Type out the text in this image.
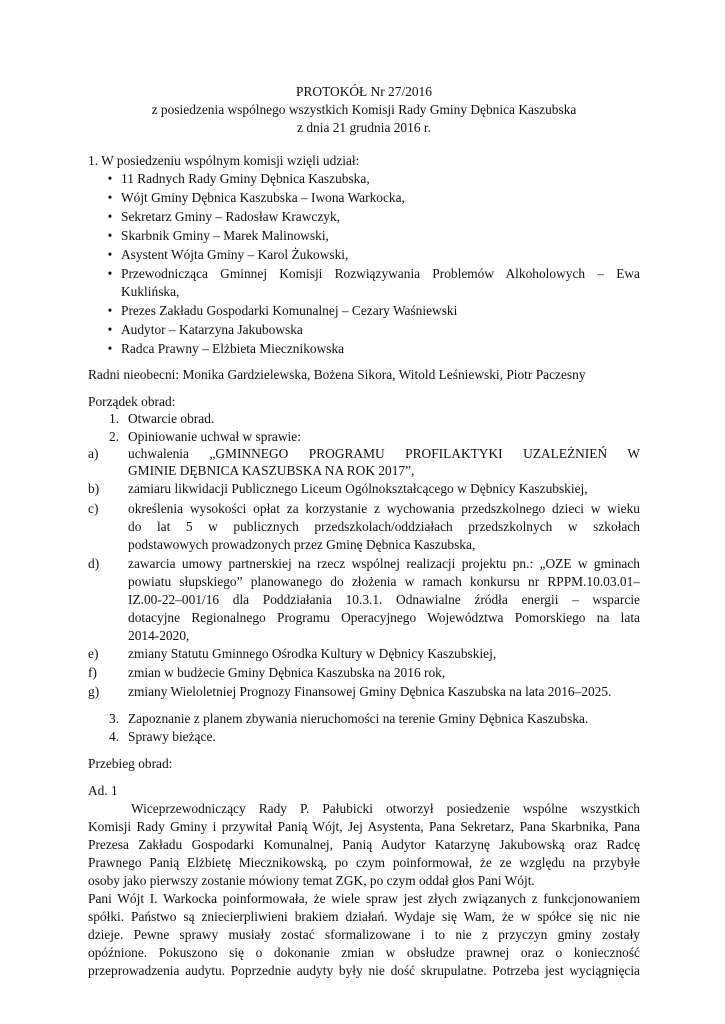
PROTOKÓŁ Nr 27/2016
z posiedzenia wspólnego wszystkich Komisji Rady Gminy Dębnica Kaszubska
z dnia 21 grudnia 2016 r.
1. W posiedzeniu wspólnym komisji wzięli udział:
• 11 Radnych Rady Gminy Dębnica Kaszubska,
• Wójt Gminy Dębnica Kaszubska – Iwona Warkocka,
• Sekretarz Gminy – Radosław Krawczyk,
• Skarbnik Gminy – Marek Malinowski,
• Asystent Wójta Gminy – Karol Żukowski,
• Przewodnicząca Gminnej Komisji Rozwiązywania Problemów Alkoholowych – Ewa
Kuklińska,
• Prezes Zakładu Gospodarki Komunalnej – Cezary Waśniewski
• Audytor – Katarzyna Jakubowska
• Radca Prawny – Elżbieta Miecznikowska
Radni nieobecni: Monika Gardzielewska, Bożena Sikora, Witold Leśniewski, Piotr Paczesny
Porządek obrad:
1. Otwarcie obrad.
2. Opiniowanie uchwał w sprawie:
a) uchwalenia „GMINNEGO PROGRAMU PROFILAKTYKI UZALEŻNIEŃ W
GMINIE DĘBNICA KASZUBSKA NA ROK 2017”,
b) zamiaru likwidacji Publicznego Liceum Ogólnokształcącego w Dębnicy Kaszubskiej,
c) określenia wysokości opłat za korzystanie z wychowania przedszkolnego dzieci w wieku
do lat 5 w publicznych przedszkolach/oddziałach przedszkolnych w szkołach
podstawowych prowadzonych przez Gminę Dębnica Kaszubska,
d) zawarcia umowy partnerskiej na rzecz wspólnej realizacji projektu pn.: „OZE w gminach
powiatu słupskiego” planowanego do złożenia w ramach konkursu nr RPPM.10.03.01–
IZ.00-22–001/16 dla Poddziałania 10.3.1. Odnawialne źródła energii – wsparcie
dotacyjne Regionalnego Programu Operacyjnego Województwa Pomorskiego na lata
2014-2020,
e) zmiany Statutu Gminnego Ośrodka Kultury w Dębnicy Kaszubskiej,
f) zmian w budżecie Gminy Dębnica Kaszubska na 2016 rok,
g) zmiany Wieloletniej Prognozy Finansowej Gminy Dębnica Kaszubska na lata 2016–2025.
3. Zapoznanie z planem zbywania nieruchomości na terenie Gminy Dębnica Kaszubska.
4. Sprawy bieżące.
Przebieg obrad:
Ad. 1
Wiceprzewodniczący Rady P. Pałubicki otworzył posiedzenie wspólne wszystkich
Komisji Rady Gminy i przywitał Panią Wójt, Jej Asystenta, Pana Sekretarz, Pana Skarbnika, Pana
Prezesa Zakładu Gospodarki Komunalnej, Panią Audytor Katarzynę Jakubowską oraz Radcę
Prawnego Panią Elżbietę Miecznikowską, po czym poinformował, że ze względu na przybyłe
osoby jako pierwszy zostanie mówiony temat ZGK, po czym oddał głos Pani Wójt.
Pani Wójt I. Warkocka poinformowała, że wiele spraw jest złych związanych z funkcjonowaniem
spółki. Państwo są zniecierpliwieni brakiem działań. Wydaje się Wam, że w spółce się nic nie
dzieje. Pewne sprawy musiały zostać sformalizowane i to nie z przyczyn gminy zostały
opóźnione. Pokuszono się o dokonanie zmian w obsłudze prawnej oraz o konieczność
przeprowadzenia audytu. Poprzednie audyty były nie dość skrupulatne. Potrzeba jest wyciągnięcia
